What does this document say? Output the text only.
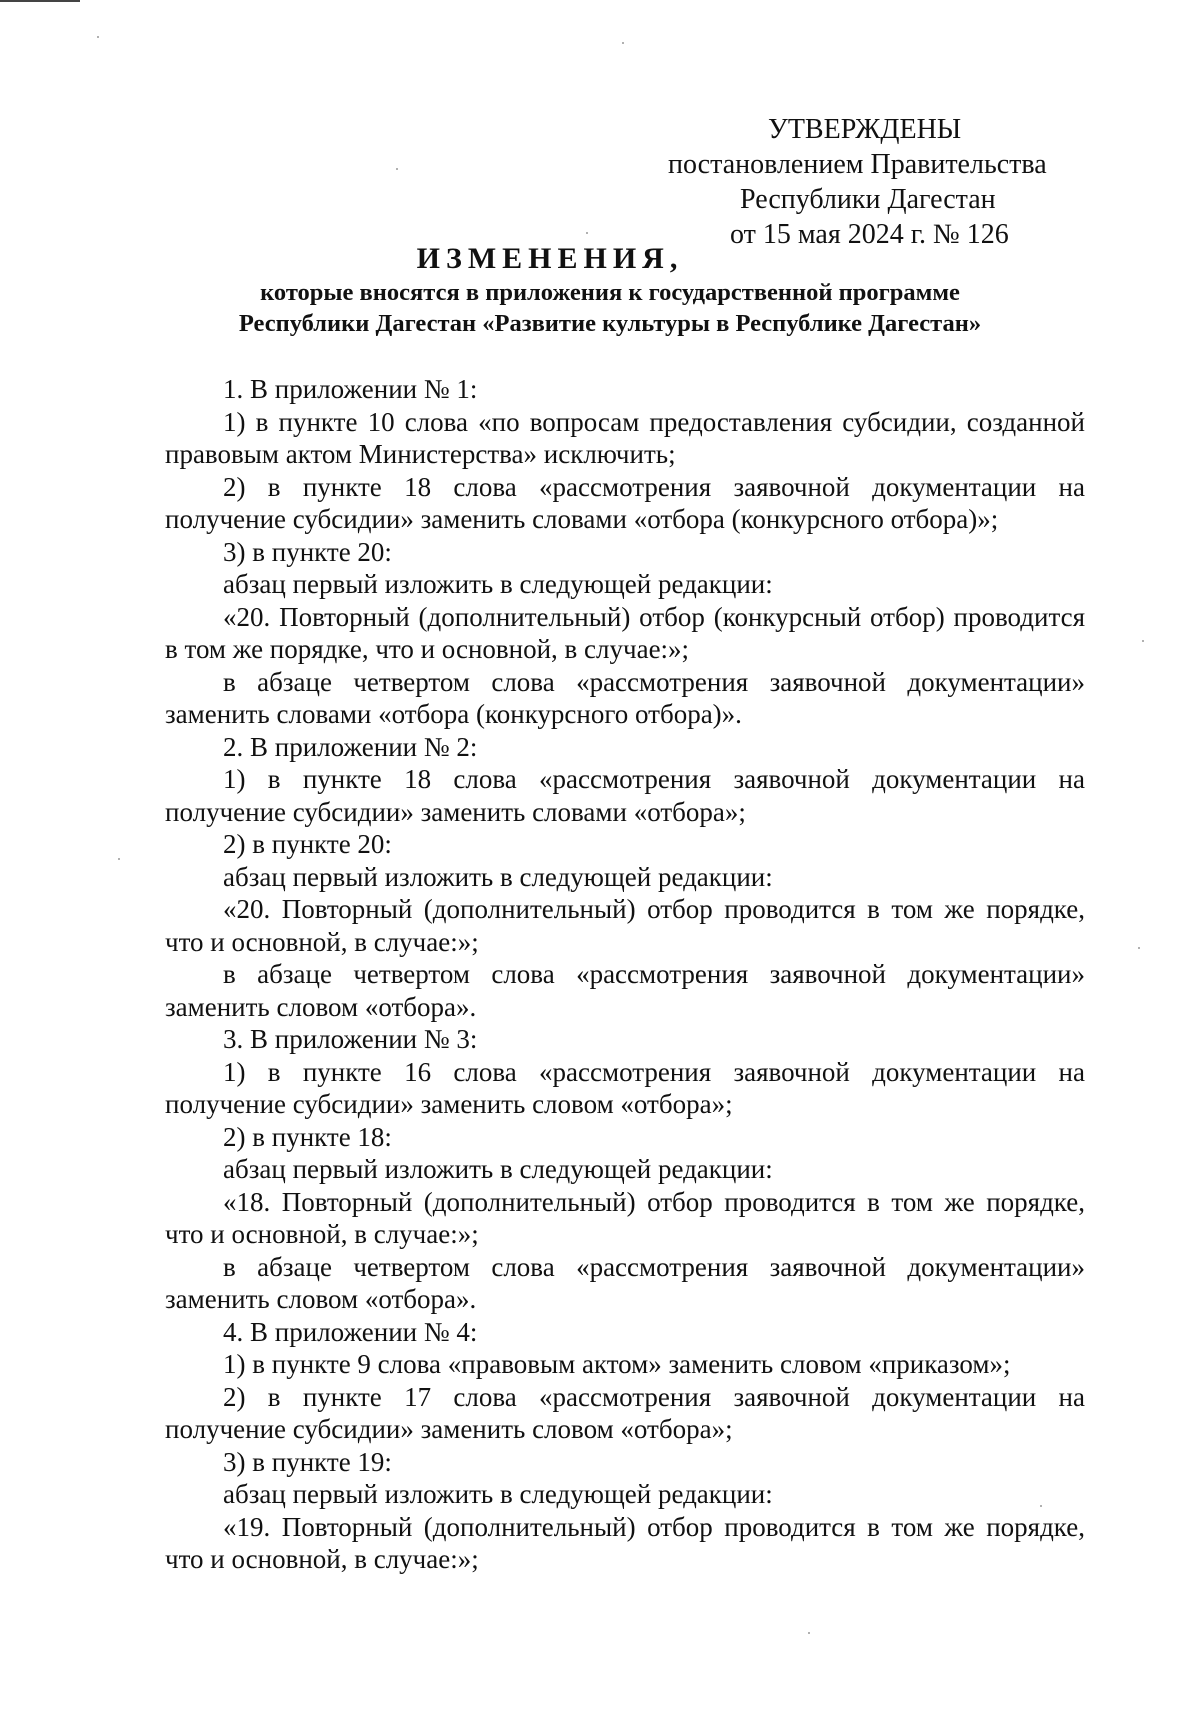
УТВЕРЖДЕНЫ
постановлением Правительства
Республики Дагестан
от 15 мая 2024 г. № 126
ИЗМЕНЕНИЯ,
которые вносятся в приложения к государственной программе
Республики Дагестан «Развитие культуры в Республике Дагестан»

1. В приложении № 1:

1) в пункте 10 слова «по вопросам предоставления субсидии, созданной правовым актом Министерства» исключить;

2) в пункте 18 слова «рассмотрения заявочной документации на получение субсидии» заменить словами «отбора (конкурсного отбора)»;

3) в пункте 20:

абзац первый изложить в следующей редакции:

«20. Повторный (дополнительный) отбор (конкурсный отбор) проводится в том же порядке, что и основной, в случае:»;

в абзаце четвертом слова «рассмотрения заявочной документации» заменить словами «отбора (конкурсного отбора)».

2. В приложении № 2:

1) в пункте 18 слова «рассмотрения заявочной документации на получение субсидии» заменить словами «отбора»;

2) в пункте 20:

абзац первый изложить в следующей редакции:

«20. Повторный (дополнительный) отбор проводится в том же порядке, что и основной, в случае:»;

в абзаце четвертом слова «рассмотрения заявочной документации» заменить словом «отбора».

3. В приложении № 3:

1) в пункте 16 слова «рассмотрения заявочной документации на получение субсидии» заменить словом «отбора»;

2) в пункте 18:

абзац первый изложить в следующей редакции:

«18. Повторный (дополнительный) отбор проводится в том же порядке, что и основной, в случае:»;

в абзаце четвертом слова «рассмотрения заявочной документации» заменить словом «отбора».

4. В приложении № 4:

1) в пункте 9 слова «правовым актом» заменить словом «приказом»;

2) в пункте 17 слова «рассмотрения заявочной документации на получение субсидии» заменить словом «отбора»;

3) в пункте 19:

абзац первый изложить в следующей редакции:

«19. Повторный (дополнительный) отбор проводится в том же порядке, что и основной, в случае:»;
